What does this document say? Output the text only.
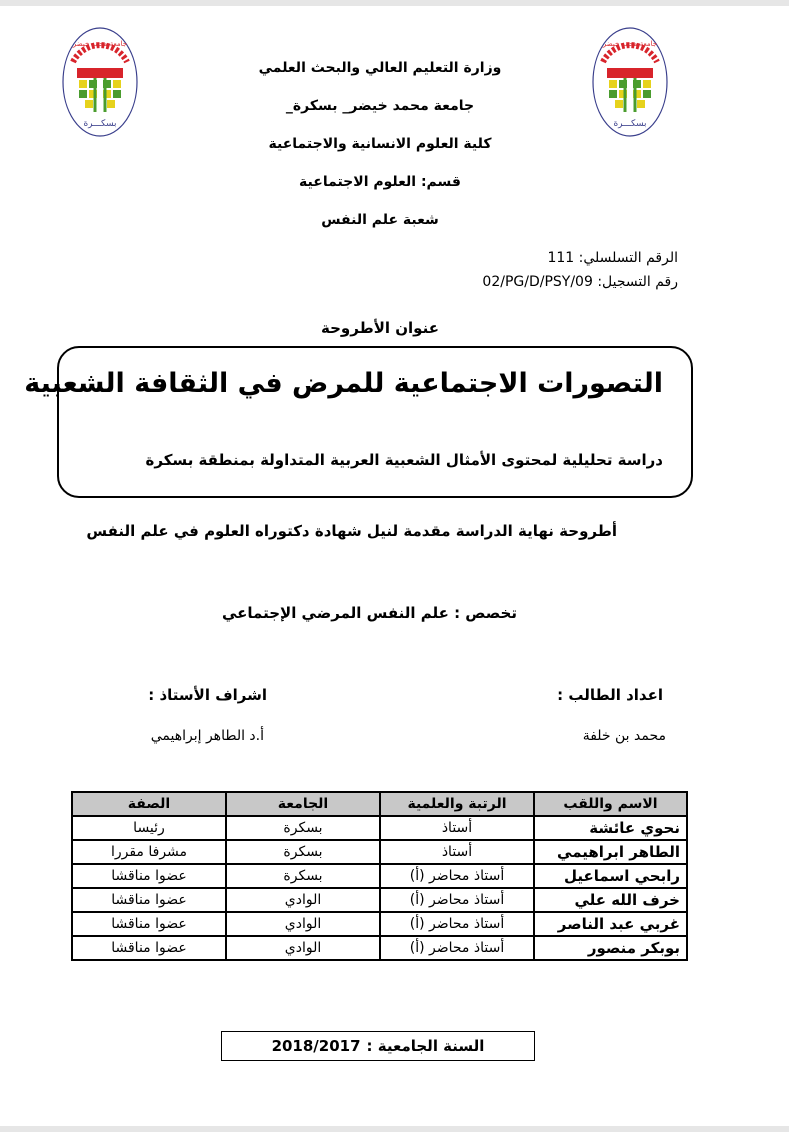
جامعة محمد خيضر
بسكـــرة
جامعة محمد خيضر
بسكـــرة
وزارة التعليم العالي والبحث العلمي
جامعة محمد خيضر_ بسكرة_
كلية العلوم الانسانية والاجتماعية
قسم: العلوم الاجتماعية
شعبة علم النفس
الرقم التسلسلي: 111
رقم التسجيل: 02/PG/D/PSY/09
عنوان الأطروحة
التصورات الاجتماعية للمرض في الثقافة الشعبية
دراسة تحليلية لمحتوى الأمثال الشعبية العربية المتداولة بمنطقة بسكرة
أطروحة نهاية الدراسة مقدمة لنيل شهادة دكتوراه العلوم في علم النفس
تخصص : علم النفس المرضي الإجتماعي
اعداد الطالب :
اشراف الأستاذ :
محمد بن خلفة
أ.د الطاهر إبراهيمي
الاسم واللقب	الرتبة والعلمية	الجامعة	الصفة
نحوي عائشة	أستاذ	بسكرة	رئيسا
الطاهر ابراهيمي	أستاذ	بسكرة	مشرفا مقررا
رابحي اسماعيل	أستاذ محاضر (أ)	بسكرة	عضوا مناقشا
خرف الله علي	أستاذ محاضر (أ)	الوادي	عضوا مناقشا
غربي عبد الناصر	أستاذ محاضر (أ)	الوادي	عضوا مناقشا
بوبكر منصور	أستاذ محاضر (أ)	الوادي	عضوا مناقشا
السنة الجامعية :
2018/2017
